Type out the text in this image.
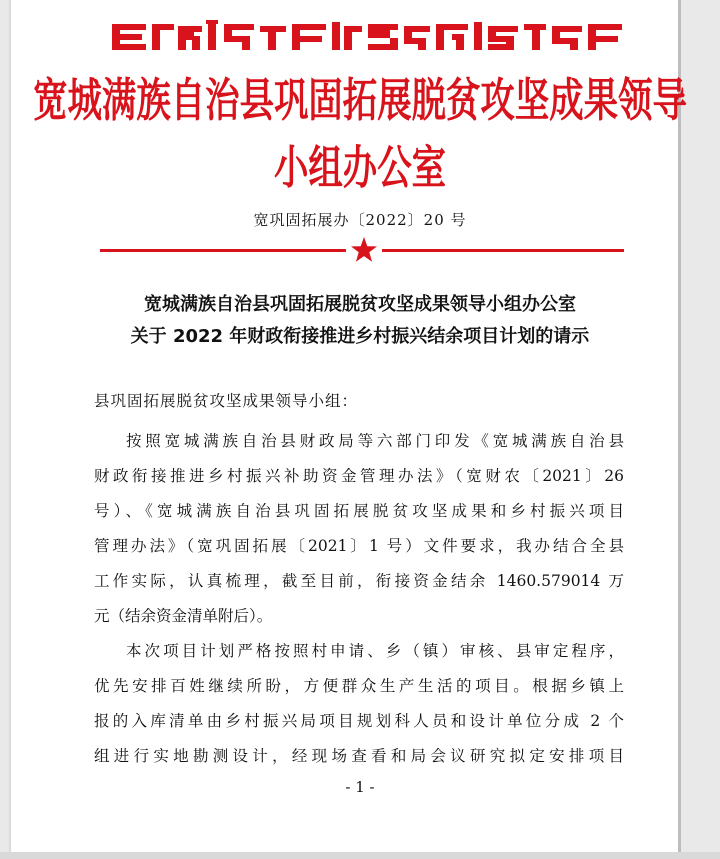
宽城满族自治县巩固拓展脱贫攻坚成果领导小组办公室
宽巩固拓展办〔2022〕20 号
宽城满族自治县巩固拓展脱贫攻坚成果领导小组办公室
关于 2022 年财政衔接推进乡村振兴结余项目计划的请示
县巩固拓展脱贫攻坚成果领导小组：
按照宽城满族自治县财政局等六部门印发《宽城满族自治县
财政衔接推进乡村振兴补助资金管理办法》（宽财农〔2021〕26
号）、《宽城满族自治县巩固拓展脱贫攻坚成果和乡村振兴项目
管理办法》（宽巩固拓展〔2021〕1 号）文件要求，我办结合全县
工作实际，认真梳理，截至目前，衔接资金结余 1460.579014 万
元（结余资金清单附后）。
本次项目计划严格按照村申请、乡（镇）审核、县审定程序，
优先安排百姓继续所盼，方便群众生产生活的项目。根据乡镇上
报的入库清单由乡村振兴局项目规划科人员和设计单位分成 2 个
组进行实地勘测设计，经现场查看和局会议研究拟定安排项目
- 1 -
